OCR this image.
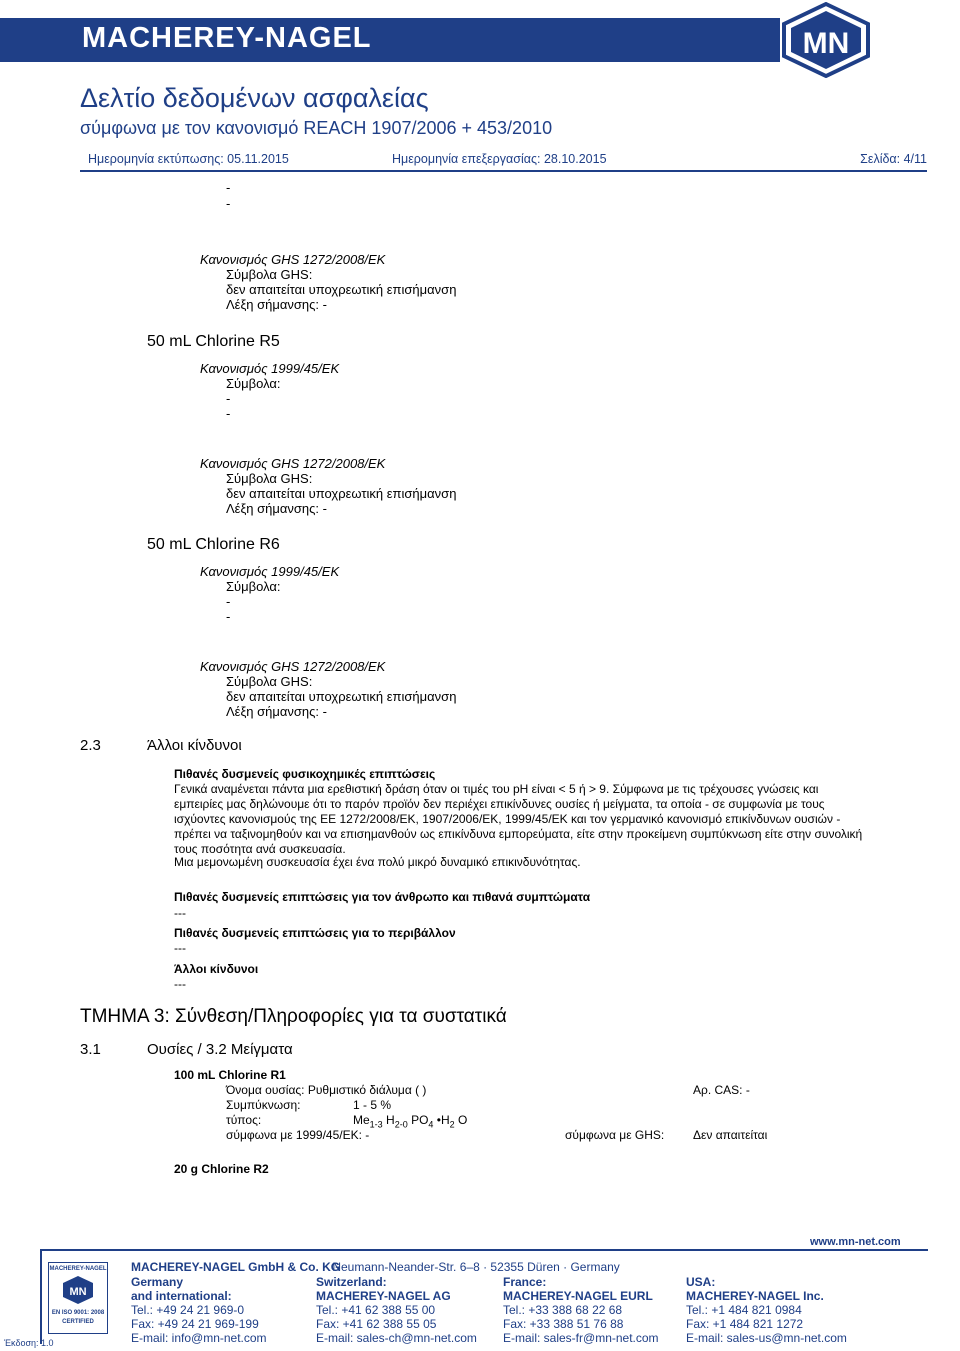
MACHEREY-NAGEL	MN
Δελτίο δεδομένων ασφαλείας
σύμφωνα με τον κανονισμό REACH 1907/2006 + 453/2010
Ημερομηνία εκτύπωσης: 05.11.2015	Ημερομηνία επεξεργασίας: 28.10.2015	Σελίδα: 4/11
-
-
Κανονισμός GHS 1272/2008/ΕΚ
Σύμβολα GHS:
δεν απαιτείται υποχρεωτική επισήμανση
Λέξη σήμανσης: -
50 mL Chlorine R5
Κανονισμός 1999/45/ΕΚ
Σύμβολα:
-
-
Κανονισμός GHS 1272/2008/ΕΚ
Σύμβολα GHS:
δεν απαιτείται υποχρεωτική επισήμανση
Λέξη σήμανσης: -
50 mL Chlorine R6
Κανονισμός 1999/45/ΕΚ
Σύμβολα:
-
-
Κανονισμός GHS 1272/2008/ΕΚ
Σύμβολα GHS:
δεν απαιτείται υποχρεωτική επισήμανση
Λέξη σήμανσης: -
2.3	Άλλοι κίνδυνοι
Πιθανές δυσμενείς φυσικοχημικές επιπτώσεις
Γενικά αναμένεται πάντα μια ερεθιστική δράση όταν οι τιμές του pH είναι < 5 ή > 9. Σύμφωνα με τις τρέχουσες γνώσεις και
εμπειρίες μας δηλώνουμε ότι το παρόν προϊόν δεν περιέχει επικίνδυνες ουσίες ή μείγματα, τα οποία - σε συμφωνία με τους
ισχύοντες κανονισμούς της ΕΕ 1272/2008/ΕΚ, 1907/2006/ΕΚ, 1999/45/ΕΚ και τον γερμανικό κανονισμό επικίνδυνων ουσιών -
πρέπει να ταξινομηθούν και να επισημανθούν ως επικίνδυνα εμπορεύματα, είτε στην προκείμενη συμπύκνωση είτε στην συνολική
τους ποσότητα ανά συσκευασία.
Μια μεμονωμένη συσκευασία έχει ένα πολύ μικρό δυναμικό επικινδυνότητας.
Πιθανές δυσμενείς επιπτώσεις για τον άνθρωπο και πιθανά συμπτώματα
---
Πιθανές δυσμενείς επιπτώσεις για το περιβάλλον
---
Άλλοι κίνδυνοι
---
ΤΜΗΜΑ 3: Σύνθεση/Πληροφορίες για τα συστατικά
3.1	Ουσίες / 3.2 Μείγματα
100 mL Chlorine R1
Όνομα ουσίας: Ρυθμιστικό διάλυμα ( )	Αρ. CAS: -
Συμπύκνωση:	1 - 5 %
τύπος:	$Me_{1-3}$ $H_{2-0}$ $PO_4$ $•H_2$ O
σύμφωνα με 1999/45/ΕΚ: -	σύμφωνα με GHS: Δεν απαιτείται
20 g Chlorine R2
www.mn-net.com
MACHEREY-NAGEL
MN
EN ISO 9001: 2008
CERTIFIED
Έκδοση: 1.0
MACHEREY-NAGEL GmbH & Co. KG
· Neumann-Neander-Str. 6–8 · 52355 Düren · Germany
Germany
and international:
Tel.: +49 24 21 969-0
Fax: +49 24 21 969-199
E-mail: info@mn-net.com
Switzerland:
MACHEREY-NAGEL AG
Tel.: +41 62 388 55 00
Fax: +41 62 388 55 05
E-mail: sales-ch@mn-net.com
France:
MACHEREY-NAGEL EURL
Tel.: +33 388 68 22 68
Fax: +33 388 51 76 88
E-mail: sales-fr@mn-net.com
USA:
MACHEREY-NAGEL Inc.
Tel.: +1 484 821 0984
Fax: +1 484 821 1272
E-mail: sales-us@mn-net.com
